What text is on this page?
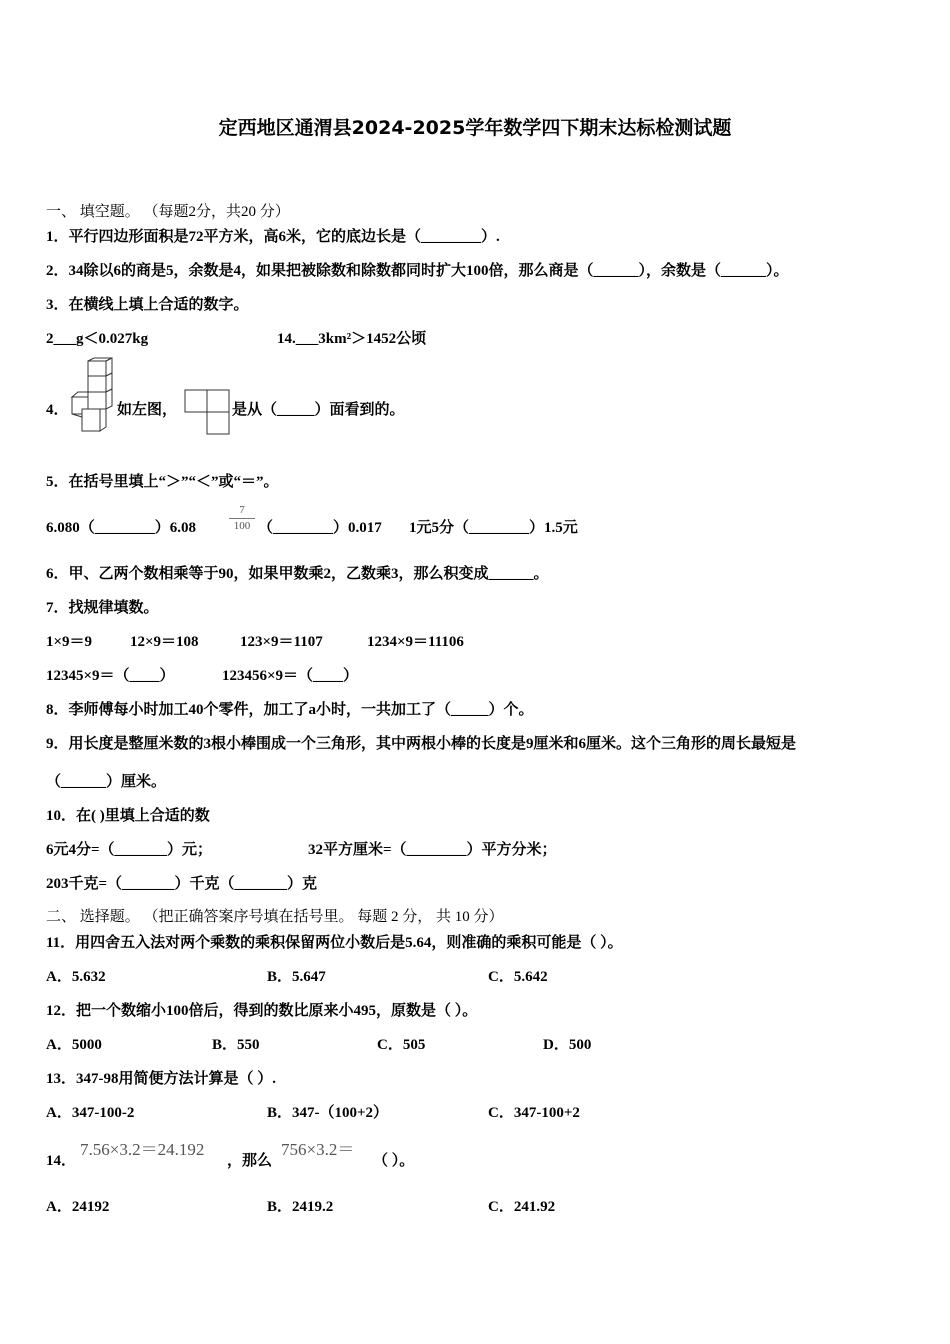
定西地区通渭县2024-2025学年数学四下期末达标检测试题
一、 填空题。 （每题2分，共20 分）
1．平行四边形面积是72平方米，高6米，它的底边长是（________）.
2．34除以6的商是5，余数是4，如果把被除数和除数都同时扩大100倍，那么商是（______），余数是（______）。
3．在横线上填上合适的数字。
2___g＜0.027kg	14.___3km²＞1452公顷
4．	如左图，	是从（_____）面看到的。
5．在括号里填上“＞”“＜”或“＝”。
6.080（________）6.08
7
100 （________）0.017 1元5分（________）1.5元
6．甲、乙两个数相乘等于90，如果甲数乘2，乙数乘3，那么积变成______。
7．找规律填数。
1×9＝9	12×9＝108	123×9＝1107	1234×9＝11106
12345×9＝（____）	123456×9＝（____）
8．李师傅每小时加工40个零件，加工了a小时，一共加工了（_____）个。
9．用长度是整厘米数的3根小棒围成一个三角形，其中两根小棒的长度是9厘米和6厘米。这个三角形的周长最短是
（______）厘米。
10．在( )里填上合适的数
6元4分=（_______）元；	32平方厘米=（________）平方分米；
203千克=（_______）千克（_______）克
二、 选择题。 （把正确答案序号填在括号里。 每题 2 分， 共 10 分）
11．用四舍五入法对两个乘数的乘积保留两位小数后是5.64，则准确的乘积可能是（ ）。
A．5.632	B．5.647	C．5.642
12．把一个数缩小100倍后，得到的数比原来小495，原数是（ ）。
A．5000	B．550	C．505	D．500
13．347-98用简便方法计算是（ ）.
A．347-100-2	B．347-（100+2）	C．347-100+2
14．
7.56×3.2＝24.192
，那么
756×3.2＝
（ ）。
A．24192	B．2419.2	C．241.92
